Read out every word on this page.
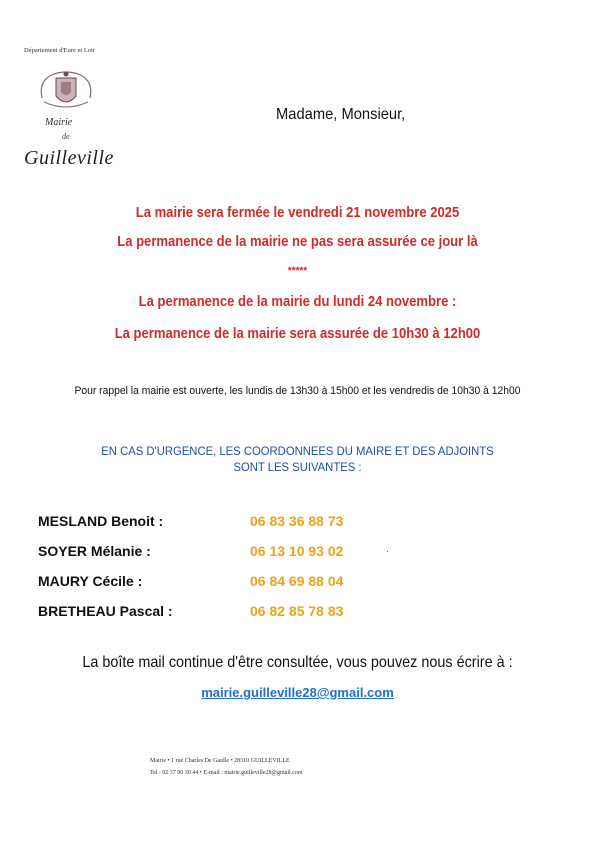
Département d'Eure et Loir
Mairie
de
Guilleville
Madame, Monsieur,
La mairie sera fermée le vendredi 21 novembre 2025
La permanence de la mairie ne pas sera assurée ce jour là
*****
La permanence de la mairie du lundi 24 novembre :
La permanence de la mairie sera assurée de 10h30 à 12h00
Pour rappel la mairie est ouverte, les lundis de 13h30 à 15h00 et les vendredis de 10h30 à 12h00
EN CAS D'URGENCE, LES COORDONNEES DU MAIRE ET DES ADJOINTS
SONT LES SUIVANTES :
MESLAND Benoit :	06 83 36 88 73
SOYER Mélanie :	06 13 10 93 02	.
MAURY Cécile :	06 84 69 88 04
BRETHEAU Pascal :	06 82 85 78 83
La boîte mail continue d'être consultée, vous pouvez nous écrire à :
mairie.guilleville28@gmail.com
Mairie • 1 rue Charles De Gaulle • 28310 GUILLEVILLE
Tel : 02 37 90 30 44 • E-mail : mairie.guilleville28@gmail.com
